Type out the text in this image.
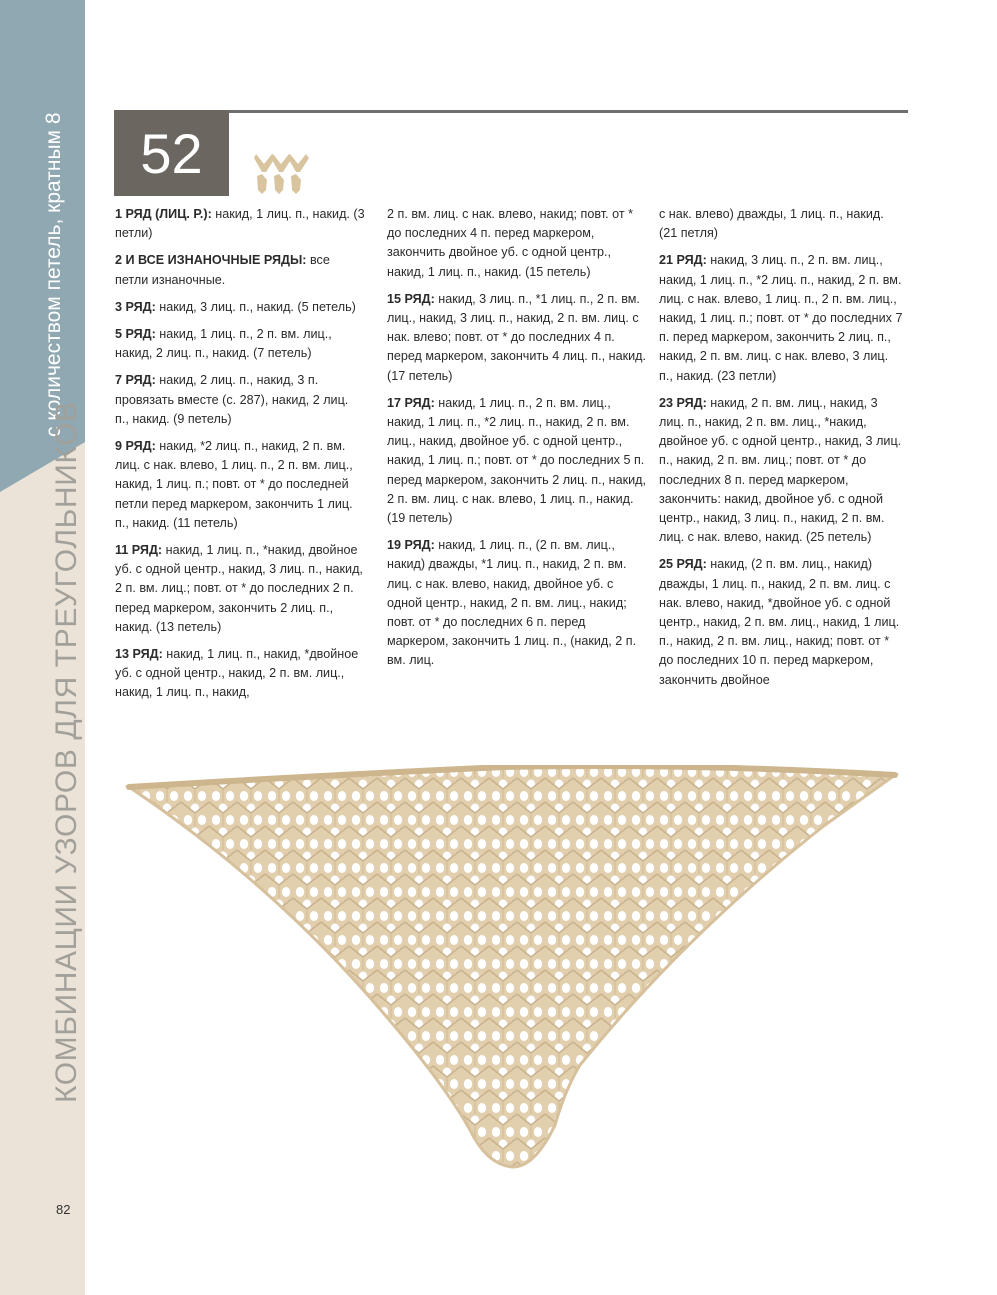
с количеством петель, кратным 8
КОМБИНАЦИИ УЗОРОВ ДЛЯ ТРЕУГОЛЬНИКОВ
52
1 РЯД (ЛИЦ. Р.): накид, 1 лиц. п., накид. (3 петли)
2 И ВСЕ ИЗНАНОЧНЫЕ РЯДЫ: все петли изнаночные.
3 РЯД: накид, 3 лиц. п., накид. (5 петель)
5 РЯД: накид, 1 лиц. п., 2 п. вм. лиц., накид, 2 лиц. п., накид. (7 петель)
7 РЯД: накид, 2 лиц. п., накид, 3 п. провязать вместе (с. 287), накид, 2 лиц. п., накид. (9 петель)
9 РЯД: накид, *2 лиц. п., накид, 2 п. вм. лиц. с нак. влево, 1 лиц. п., 2 п. вм. лиц., накид, 1 лиц. п.; повт. от * до последней петли перед маркером, закончить 1 лиц. п., накид. (11 петель)
11 РЯД: накид, 1 лиц. п., *накид, двойное уб. с одной центр., накид, 3 лиц. п., накид, 2 п. вм. лиц.; повт. от * до последних 2 п. перед маркером, закончить 2 лиц. п., накид. (13 петель)
13 РЯД: накид, 1 лиц. п., накид, *двойное уб. с одной центр., накид, 2 п. вм. лиц., накид, 1 лиц. п., накид,
2 п. вм. лиц. с нак. влево, накид; повт. от * до последних 4 п. перед маркером, закончить двойное уб. с одной центр., накид, 1 лиц. п., накид. (15 петель)
15 РЯД: накид, 3 лиц. п., *1 лиц. п., 2 п. вм. лиц., накид, 3 лиц. п., накид, 2 п. вм. лиц. с нак. влево; повт. от * до последних 4 п. перед маркером, закончить 4 лиц. п., накид. (17 петель)
17 РЯД: накид, 1 лиц. п., 2 п. вм. лиц., накид, 1 лиц. п., *2 лиц. п., накид, 2 п. вм. лиц., накид, двойное уб. с одной центр., накид, 1 лиц. п.; повт. от * до последних 5 п. перед маркером, закончить 2 лиц. п., накид, 2 п. вм. лиц. с нак. влево, 1 лиц. п., накид. (19 петель)
19 РЯД: накид, 1 лиц. п., (2 п. вм. лиц., накид) дважды, *1 лиц. п., накид, 2 п. вм. лиц. с нак. влево, накид, двойное уб. с одной центр., накид, 2 п. вм. лиц., накид; повт. от * до последних 6 п. перед маркером, закончить 1 лиц. п., (накид, 2 п. вм. лиц.
с нак. влево) дважды, 1 лиц. п., накид. (21 петля)
21 РЯД: накид, 3 лиц. п., 2 п. вм. лиц., накид, 1 лиц. п., *2 лиц. п., накид, 2 п. вм. лиц. с нак. влево, 1 лиц. п., 2 п. вм. лиц., накид, 1 лиц. п.; повт. от * до последних 7 п. перед маркером, закончить 2 лиц. п., накид, 2 п. вм. лиц. с нак. влево, 3 лиц. п., накид. (23 петли)
23 РЯД: накид, 2 п. вм. лиц., накид, 3 лиц. п., накид, 2 п. вм. лиц., *накид, двойное уб. с одной центр., накид, 3 лиц. п., накид, 2 п. вм. лиц.; повт. от * до последних 8 п. перед маркером, закончить: накид, двойное уб. с одной центр., накид, 3 лиц. п., накид, 2 п. вм. лиц. с нак. влево, накид. (25 петель)
25 РЯД: накид, (2 п. вм. лиц., накид) дважды, 1 лиц. п., накид, 2 п. вм. лиц. с нак. влево, накид, *двойное уб. с одной центр., накид, 2 п. вм. лиц., накид, 1 лиц. п., накид, 2 п. вм. лиц., накид; повт. от * до последних 10 п. перед маркером, закончить двойное
82
